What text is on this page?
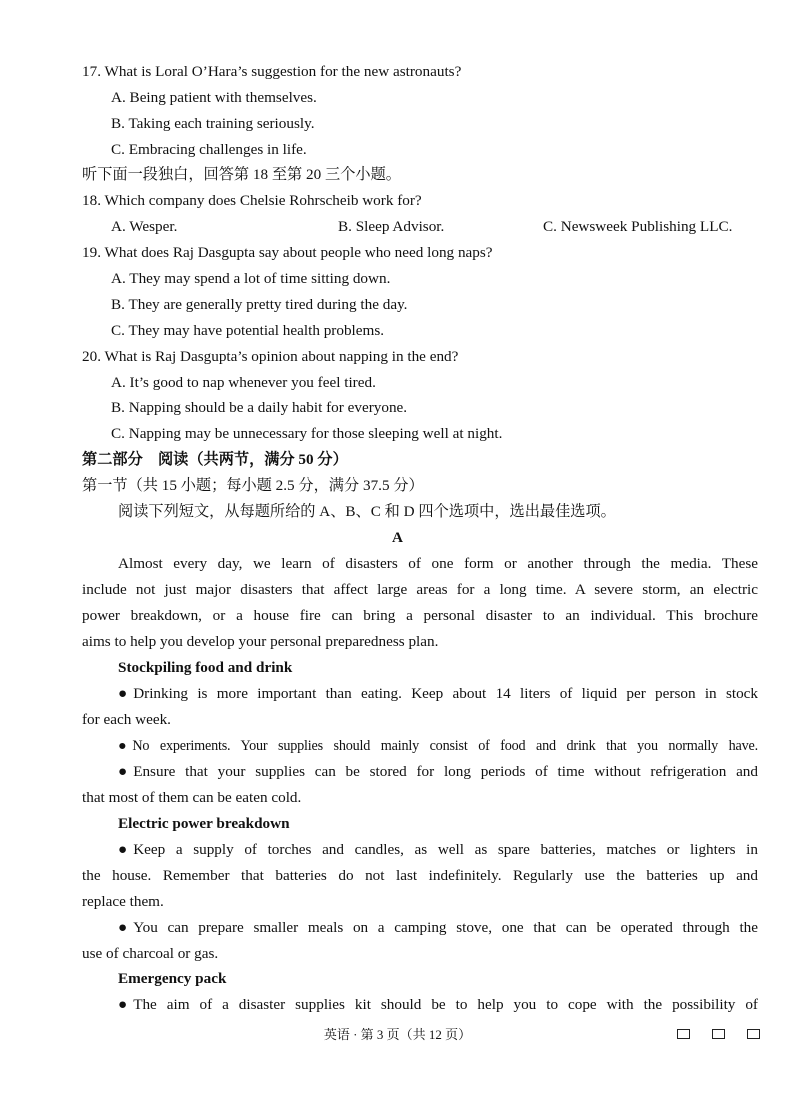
17. What is Loral O’Hara’s suggestion for the new astronauts?
A. Being patient with themselves.
B. Taking each training seriously.
C. Embracing challenges in life.
听下面一段独白，回答第 18 至第 20 三个小题。
18. Which company does Chelsie Rohrscheib work for?
A. Wesper.	B. Sleep Advisor.	C. Newsweek Publishing LLC.
19. What does Raj Dasgupta say about people who need long naps?
A. They may spend a lot of time sitting down.
B. They are generally pretty tired during the day.
C. They may have potential health problems.
20. What is Raj Dasgupta’s opinion about napping in the end?
A. It’s good to nap whenever you feel tired.
B. Napping should be a daily habit for everyone.
C. Napping may be unnecessary for those sleeping well at night.
第二部分　阅读（共两节，满分 50 分）
第一节（共 15 小题；每小题 2.5 分，满分 37.5 分）
阅读下列短文，从每题所给的 A、B、C 和 D 四个选项中，选出最佳选项。
A
Almost every day, we learn of disasters of one form or another through the media. These
include not just major disasters that affect large areas for a long time. A severe storm, an electric
power breakdown, or a house fire can bring a personal disaster to an individual. This brochure
aims to help you develop your personal preparedness plan.
Stockpiling food and drink
● Drinking is more important than eating. Keep about 14 liters of liquid per person in stock
for each week.
● No experiments. Your supplies should mainly consist of food and drink that you normally have.
● Ensure that your supplies can be stored for long periods of time without refrigeration and
that most of them can be eaten cold.
Electric power breakdown
● Keep a supply of torches and candles, as well as spare batteries, matches or lighters in
the house. Remember that batteries do not last indefinitely. Regularly use the batteries up and
replace them.
● You can prepare smaller meals on a camping stove, one that can be operated through the
use of charcoal or gas.
Emergency pack
● The aim of a disaster supplies kit should be to help you to cope with the possibility of
英语 · 第 3 页（共 12 页）
